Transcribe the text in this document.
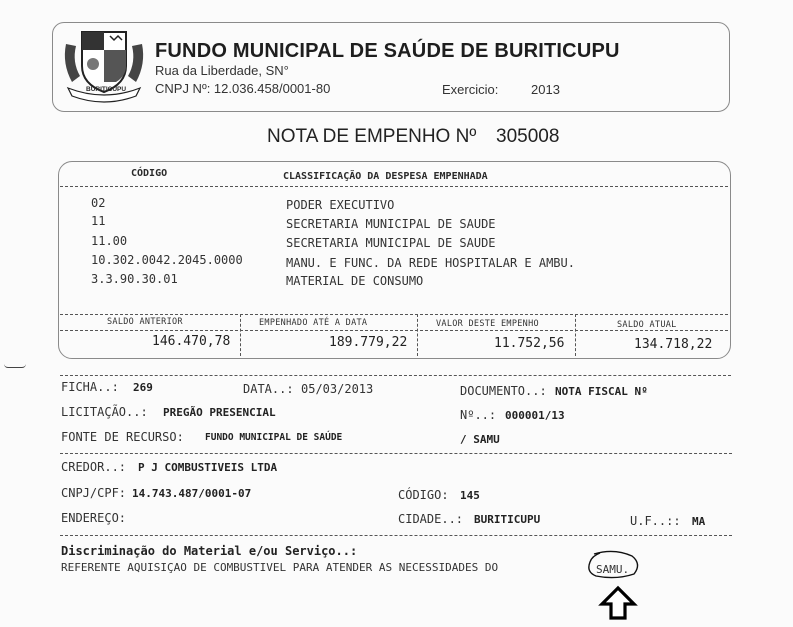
BURITICUPU
FUNDO MUNICIPAL DE SAÚDE DE BURITICUPU
Rua da Liberdade, SN°
CNPJ Nº: 12.036.458/0001-80	Exercicio:	2013
NOTA DE EMPENHO Nº 305008
CÓDIGO	CLASSIFICAÇÃO DA DESPESA EMPENHADA
02	PODER EXECUTIVO
11	SECRETARIA MUNICIPAL DE SAUDE
11.00	SECRETARIA MUNICIPAL DE SAUDE
10.302.0042.2045.0000	MANU. E FUNC. DA REDE HOSPITALAR E AMBU.
3.3.90.30.01	MATERIAL DE CONSUMO
SALDO ANTERIOR	EMPENHADO ATÉ A DATA	VALOR DESTE EMPENHO	SALDO ATUAL
146.470,78	189.779,22	11.752,56	134.718,22
FICHA..: 269	DATA..: 05/03/2013	DOCUMENTO..: NOTA FISCAL Nº
LICITAÇÃO..: PREGÃO PRESENCIAL	Nº..: 000001/13
FONTE DE RECURSO: FUNDO MUNICIPAL DE SAÚDE	/ SAMU
CREDOR..: P J COMBUSTIVEIS LTDA
CNPJ/CPF: 14.743.487/0001-07	CÓDIGO: 145
ENDEREÇO:	CIDADE..: BURITICUPU	U.F..:: MA
Discriminação do Material e/ou Serviço..:
REFERENTE AQUISIÇAO DE COMBUSTIVEL PARA ATENDER AS NECESSIDADES DO	SAMU.
